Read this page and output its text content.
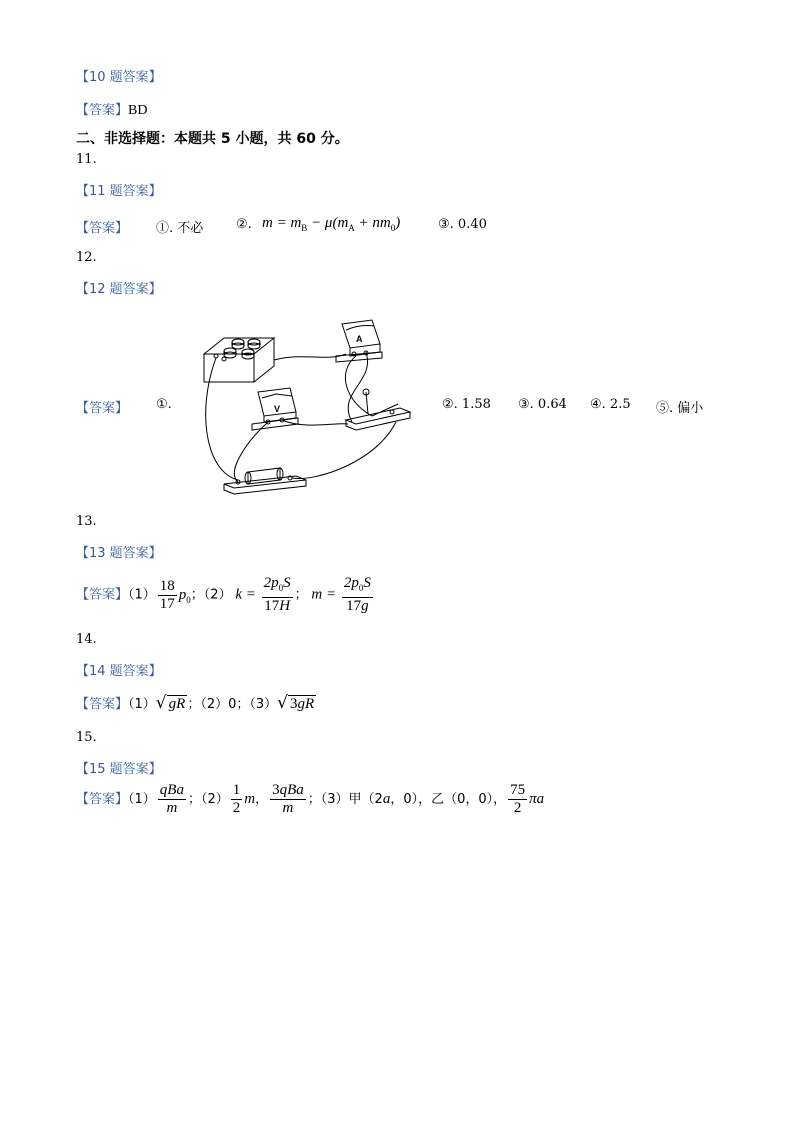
【10 题答案】
【答案】BD
二、非选择题：本题共 5 小题，共 60 分。
11.
【11 题答案】
【答案】 ①. 不必	②. $m = m_B - \mu(m_A + nm_0)$	③. 0.40
12.
【12 题答案】
【答案】 ①.
A
V	②. 1.58 ③. 0.64 ④. 2.5 ⑤. 偏小
13.
【13 题答案】
【答案】$(1) \frac{18}{17} p_0$；（2） $k = \frac{2p_0S}{17H}$ ； $m = \frac{2p_0S}{17g}$
14.
【14 题答案】
【答案】（1）√ gR ；（2）0；（3）√ 3gR
15.
【15 题答案】
【答案】$(1) \frac{\text{qBa}}{m}$ ；$(2) \frac{1}{2}$ m， $\frac{\text{3qBa}}{m}$ ；（3）甲（2a，0），乙（0，0）， $\frac{75}{2}$ πa
